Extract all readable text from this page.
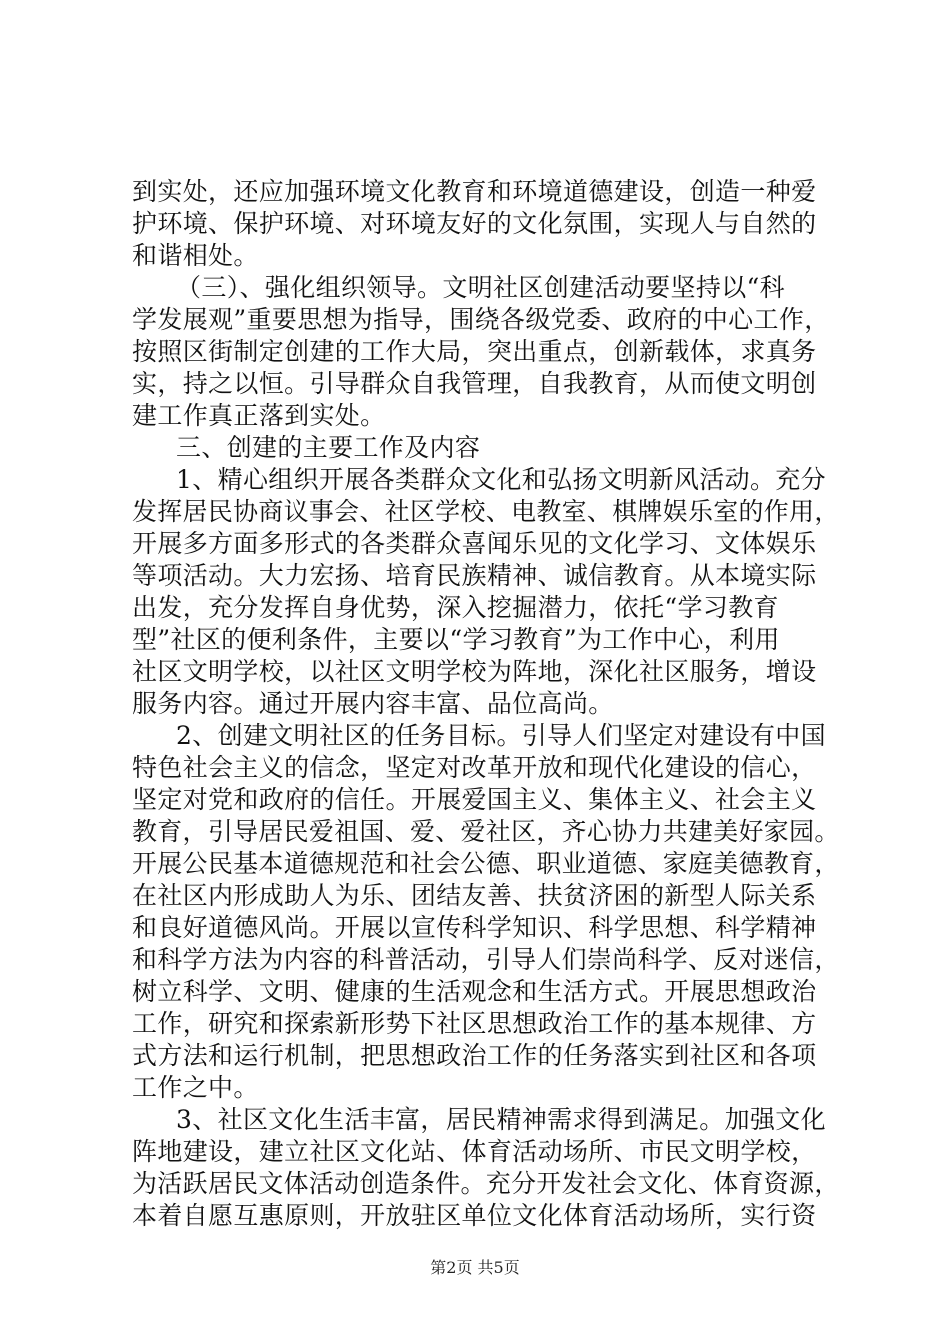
到实处，还应加强环境文化教育和环境道德建设，创造一种爱
护环境、保护环境、对环境友好的文化氛围，实现人与自然的
和谐相处。
（三）、强化组织领导。文明社区创建活动要坚持以“科
学发展观”重要思想为指导，围绕各级党委、政府的中心工作，
按照区街制定创建的工作大局，突出重点，创新载体，求真务
实，持之以恒。引导群众自我管理，自我教育，从而使文明创
建工作真正落到实处。
三、创建的主要工作及内容
1、精心组织开展各类群众文化和弘扬文明新风活动。充分
发挥居民协商议事会、社区学校、电教室、棋牌娱乐室的作用，
开展多方面多形式的各类群众喜闻乐见的文化学习、文体娱乐
等项活动。大力宏扬、培育民族精神、诚信教育。从本境实际
出发，充分发挥自身优势，深入挖掘潜力，依托“学习教育
型”社区的便利条件，主要以“学习教育”为工作中心，利用
社区文明学校，以社区文明学校为阵地，深化社区服务，增设
服务内容。通过开展内容丰富、品位高尚。
2、创建文明社区的任务目标。引导人们坚定对建设有中国
特色社会主义的信念，坚定对改革开放和现代化建设的信心，
坚定对党和政府的信任。开展爱国主义、集体主义、社会主义
教育，引导居民爱祖国、爱、爱社区，齐心协力共建美好家园。
开展公民基本道德规范和社会公德、职业道德、家庭美德教育，
在社区内形成助人为乐、团结友善、扶贫济困的新型人际关系
和良好道德风尚。开展以宣传科学知识、科学思想、科学精神
和科学方法为内容的科普活动，引导人们崇尚科学、反对迷信，
树立科学、文明、健康的生活观念和生活方式。开展思想政治
工作，研究和探索新形势下社区思想政治工作的基本规律、方
式方法和运行机制，把思想政治工作的任务落实到社区和各项
工作之中。
3、社区文化生活丰富，居民精神需求得到满足。加强文化
阵地建设，建立社区文化站、体育活动场所、市民文明学校，
为活跃居民文体活动创造条件。充分开发社会文化、体育资源，
本着自愿互惠原则，开放驻区单位文化体育活动场所，实行资
第2页 共5页
